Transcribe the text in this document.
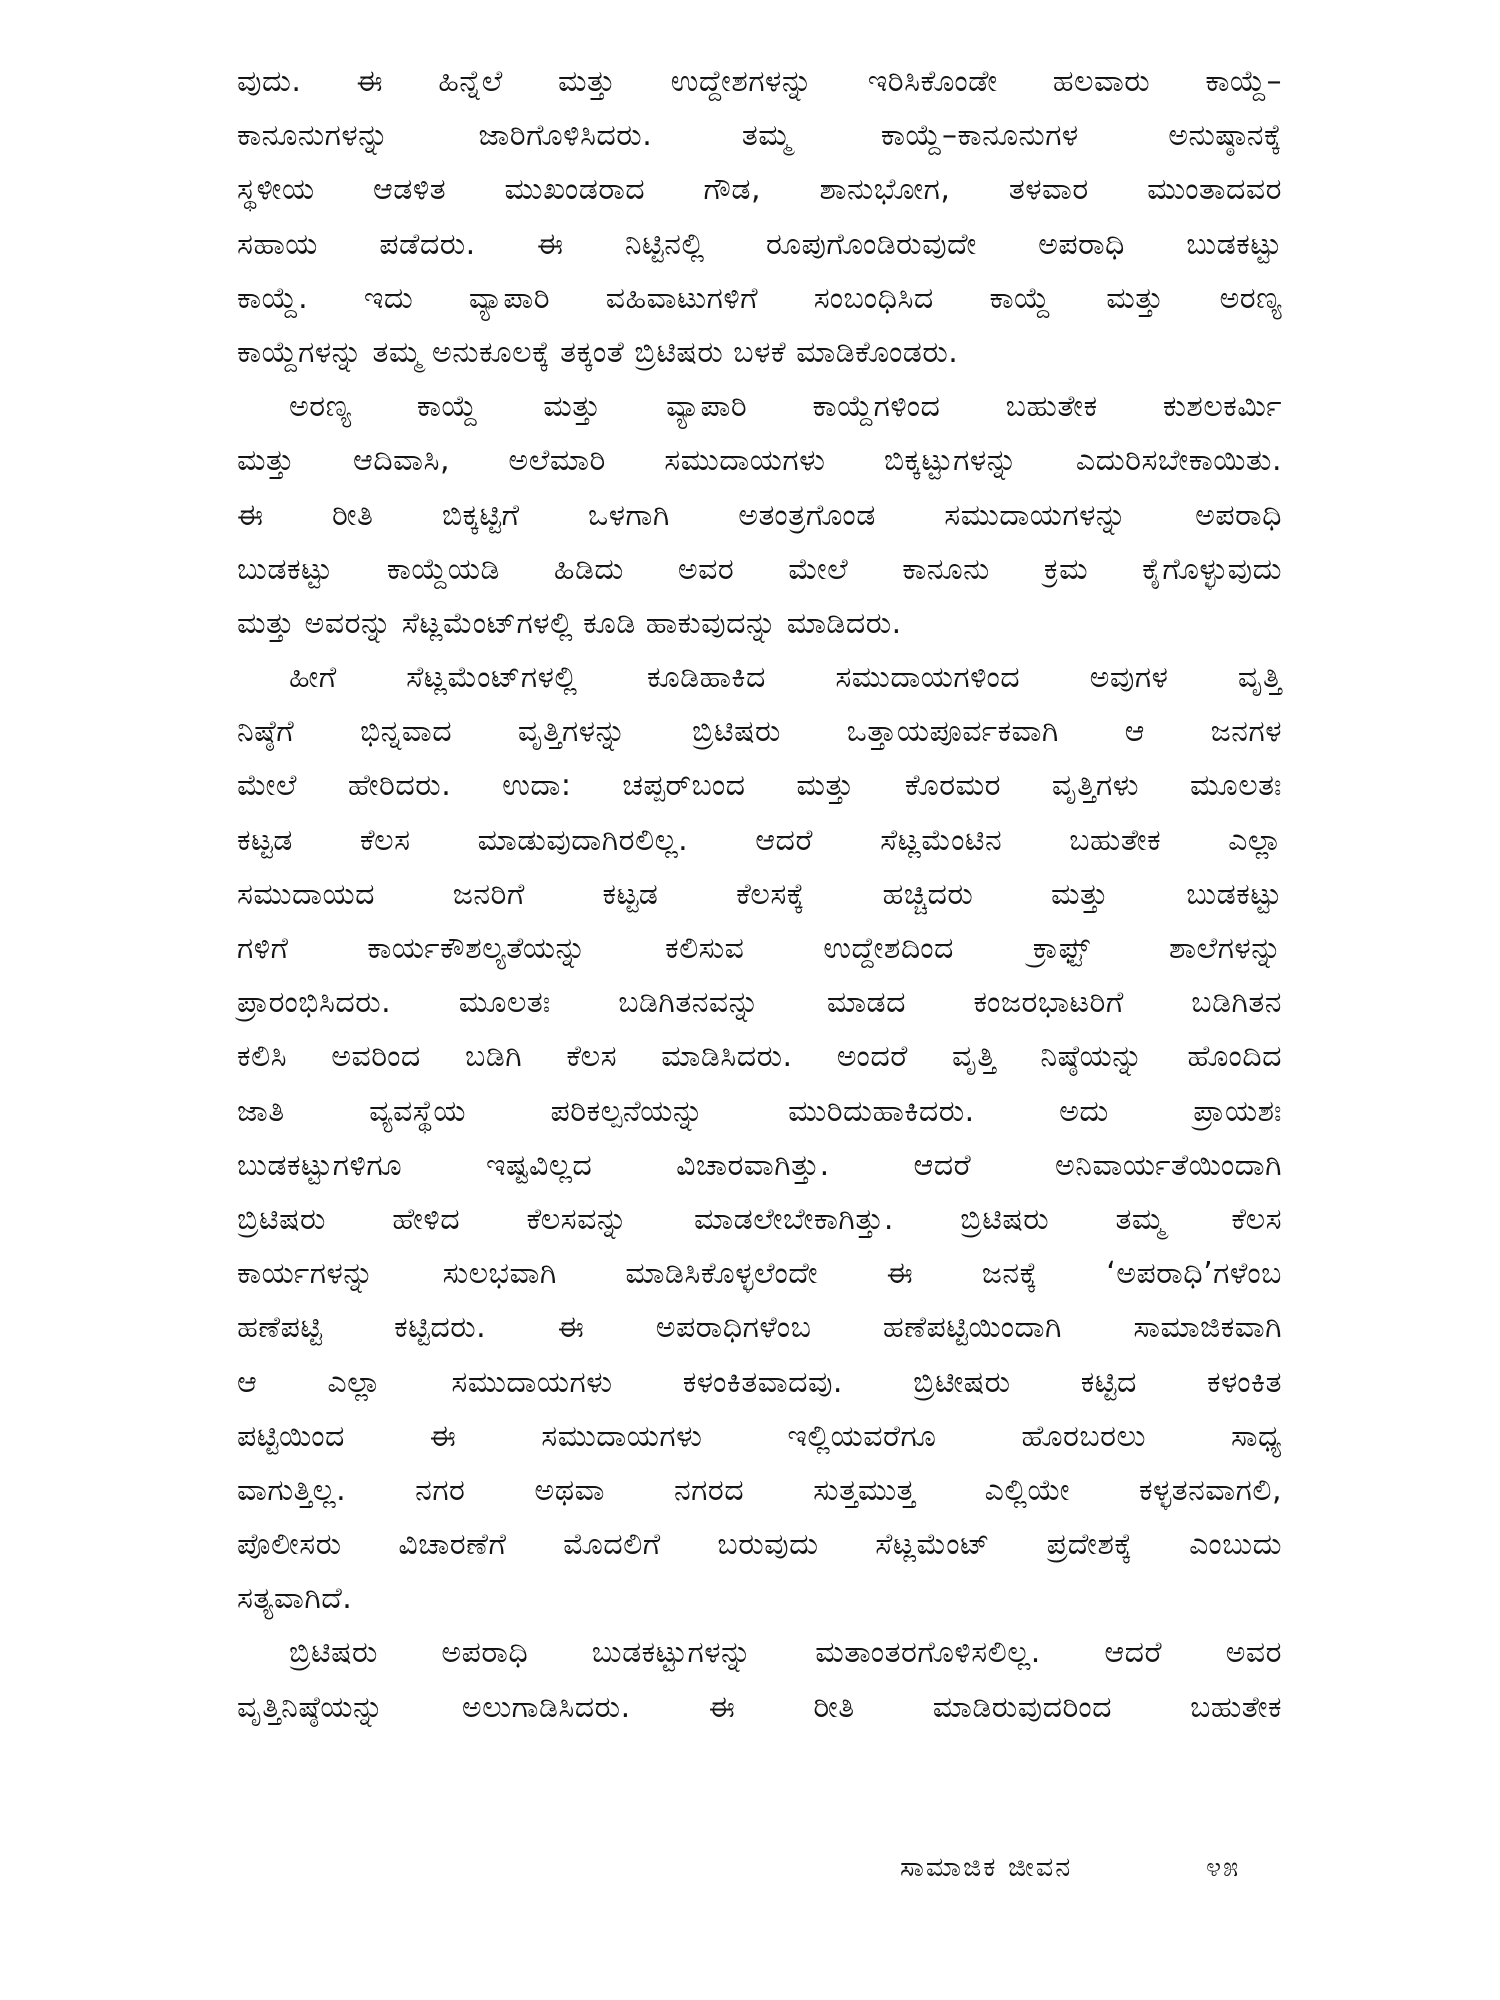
ವುದು. ಈ ಹಿನ್ನೆಲೆ ಮತ್ತು ಉದ್ದೇಶಗಳನ್ನು ಇರಿಸಿಕೊಂಡೇ ಹಲವಾರು ಕಾಯ್ದೆ–
ಕಾನೂನುಗಳನ್ನು ಜಾರಿಗೊಳಿಸಿದರು. ತಮ್ಮ ಕಾಯ್ದೆ–ಕಾನೂನುಗಳ ಅನುಷ್ಠಾನಕ್ಕೆ
ಸ್ಥಳೀಯ ಆಡಳಿತ ಮುಖಂಡರಾದ ಗೌಡ, ಶಾನುಭೋಗ, ತಳವಾರ ಮುಂತಾದವರ
ಸಹಾಯ ಪಡೆದರು. ಈ ನಿಟ್ಟಿನಲ್ಲಿ ರೂಪುಗೊಂಡಿರುವುದೇ ಅಪರಾಧಿ ಬುಡಕಟ್ಟು
ಕಾಯ್ದೆ. ಇದು ವ್ಯಾಪಾರಿ ವಹಿವಾಟುಗಳಿಗೆ ಸಂಬಂಧಿಸಿದ ಕಾಯ್ದೆ ಮತ್ತು ಅರಣ್ಯ
ಕಾಯ್ದೆಗಳನ್ನು ತಮ್ಮ ಅನುಕೂಲಕ್ಕೆ ತಕ್ಕಂತೆ ಬ್ರಿಟಿಷರು ಬಳಕೆ ಮಾಡಿಕೊಂಡರು.
ಅರಣ್ಯ ಕಾಯ್ದೆ ಮತ್ತು ವ್ಯಾಪಾರಿ ಕಾಯ್ದೆಗಳಿಂದ ಬಹುತೇಕ ಕುಶಲಕರ್ಮಿ
ಮತ್ತು ಆದಿವಾಸಿ, ಅಲೆಮಾರಿ ಸಮುದಾಯಗಳು ಬಿಕ್ಕಟ್ಟುಗಳನ್ನು ಎದುರಿಸಬೇಕಾಯಿತು.
ಈ ರೀತಿ ಬಿಕ್ಕಟ್ಟಿಗೆ ಒಳಗಾಗಿ ಅತಂತ್ರಗೊಂಡ ಸಮುದಾಯಗಳನ್ನು ಅಪರಾಧಿ
ಬುಡಕಟ್ಟು ಕಾಯ್ದೆಯಡಿ ಹಿಡಿದು ಅವರ ಮೇಲೆ ಕಾನೂನು ಕ್ರಮ ಕೈಗೊಳ್ಳುವುದು
ಮತ್ತು ಅವರನ್ನು ಸೆಟ್ಲಮೆಂಟ್‌ಗಳಲ್ಲಿ ಕೂಡಿ ಹಾಕುವುದನ್ನು ಮಾಡಿದರು.
ಹೀಗೆ ಸೆಟ್ಲಮೆಂಟ್‌ಗಳಲ್ಲಿ ಕೂಡಿಹಾಕಿದ ಸಮುದಾಯಗಳಿಂದ ಅವುಗಳ ವೃತ್ತಿ
ನಿಷ್ಠೆಗೆ ಭಿನ್ನವಾದ ವೃತ್ತಿಗಳನ್ನು ಬ್ರಿಟಿಷರು ಒತ್ತಾಯಪೂರ್ವಕವಾಗಿ ಆ ಜನಗಳ
ಮೇಲೆ ಹೇರಿದರು. ಉದಾ: ಚಪ್ಪರ್‌ಬಂದ ಮತ್ತು ಕೊರಮರ ವೃತ್ತಿಗಳು ಮೂಲತಃ
ಕಟ್ಟಡ ಕೆಲಸ ಮಾಡುವುದಾಗಿರಲಿಲ್ಲ. ಆದರೆ ಸೆಟ್ಲಮೆಂಟಿನ ಬಹುತೇಕ ಎಲ್ಲಾ
ಸಮುದಾಯದ ಜನರಿಗೆ ಕಟ್ಟಡ ಕೆಲಸಕ್ಕೆ ಹಚ್ಚಿದರು ಮತ್ತು ಬುಡಕಟ್ಟು
ಗಳಿಗೆ ಕಾರ್ಯಕೌಶಲ್ಯತೆಯನ್ನು ಕಲಿಸುವ ಉದ್ದೇಶದಿಂದ ಕ್ರಾಫ್ಟ್ ಶಾಲೆಗಳನ್ನು
ಪ್ರಾರಂಭಿಸಿದರು. ಮೂಲತಃ ಬಡಿಗಿತನವನ್ನು ಮಾಡದ ಕಂಜರಭಾಟರಿಗೆ ಬಡಿಗಿತನ
ಕಲಿಸಿ ಅವರಿಂದ ಬಡಿಗಿ ಕೆಲಸ ಮಾಡಿಸಿದರು. ಅಂದರೆ ವೃತ್ತಿ ನಿಷ್ಠೆಯನ್ನು ಹೊಂದಿದ
ಜಾತಿ ವ್ಯವಸ್ಥೆಯ ಪರಿಕಲ್ಪನೆಯನ್ನು ಮುರಿದುಹಾಕಿದರು. ಅದು ಪ್ರಾಯಶಃ
ಬುಡಕಟ್ಟುಗಳಿಗೂ ಇಷ್ಟವಿಲ್ಲದ ವಿಚಾರವಾಗಿತ್ತು. ಆದರೆ ಅನಿವಾರ್ಯತೆಯಿಂದಾಗಿ
ಬ್ರಿಟಿಷರು ಹೇಳಿದ ಕೆಲಸವನ್ನು ಮಾಡಲೇಬೇಕಾಗಿತ್ತು. ಬ್ರಿಟಿಷರು ತಮ್ಮ ಕೆಲಸ
ಕಾರ್ಯಗಳನ್ನು ಸುಲಭವಾಗಿ ಮಾಡಿಸಿಕೊಳ್ಳಲೆಂದೇ ಈ ಜನಕ್ಕೆ ‘ಅಪರಾಧಿ’ಗಳೆಂಬ
ಹಣೆಪಟ್ಟಿ ಕಟ್ಟಿದರು. ಈ ಅಪರಾಧಿಗಳೆಂಬ ಹಣೆಪಟ್ಟಿಯಿಂದಾಗಿ ಸಾಮಾಜಿಕವಾಗಿ
ಆ ಎಲ್ಲಾ ಸಮುದಾಯಗಳು ಕಳಂಕಿತವಾದವು. ಬ್ರಿಟೀಷರು ಕಟ್ಟಿದ ಕಳಂಕಿತ
ಪಟ್ಟಿಯಿಂದ ಈ ಸಮುದಾಯಗಳು ಇಲ್ಲಿಯವರೆಗೂ ಹೊರಬರಲು ಸಾಧ್ಯ
ವಾಗುತ್ತಿಲ್ಲ. ನಗರ ಅಥವಾ ನಗರದ ಸುತ್ತಮುತ್ತ ಎಲ್ಲಿಯೇ ಕಳ್ಳತನವಾಗಲಿ,
ಪೊಲೀಸರು ವಿಚಾರಣೆಗೆ ಮೊದಲಿಗೆ ಬರುವುದು ಸೆಟ್ಲಮೆಂಟ್ ಪ್ರದೇಶಕ್ಕೆ ಎಂಬುದು
ಸತ್ಯವಾಗಿದೆ.
ಬ್ರಿಟಿಷರು ಅಪರಾಧಿ ಬುಡಕಟ್ಟುಗಳನ್ನು ಮತಾಂತರಗೊಳಿಸಲಿಲ್ಲ. ಆದರೆ ಅವರ
ವೃತ್ತಿನಿಷ್ಠೆಯನ್ನು ಅಲುಗಾಡಿಸಿದರು. ಈ ರೀತಿ ಮಾಡಿರುವುದರಿಂದ ಬಹುತೇಕ
ಸಾಮಾಜಿಕ ಜೀವನ	೪೫
